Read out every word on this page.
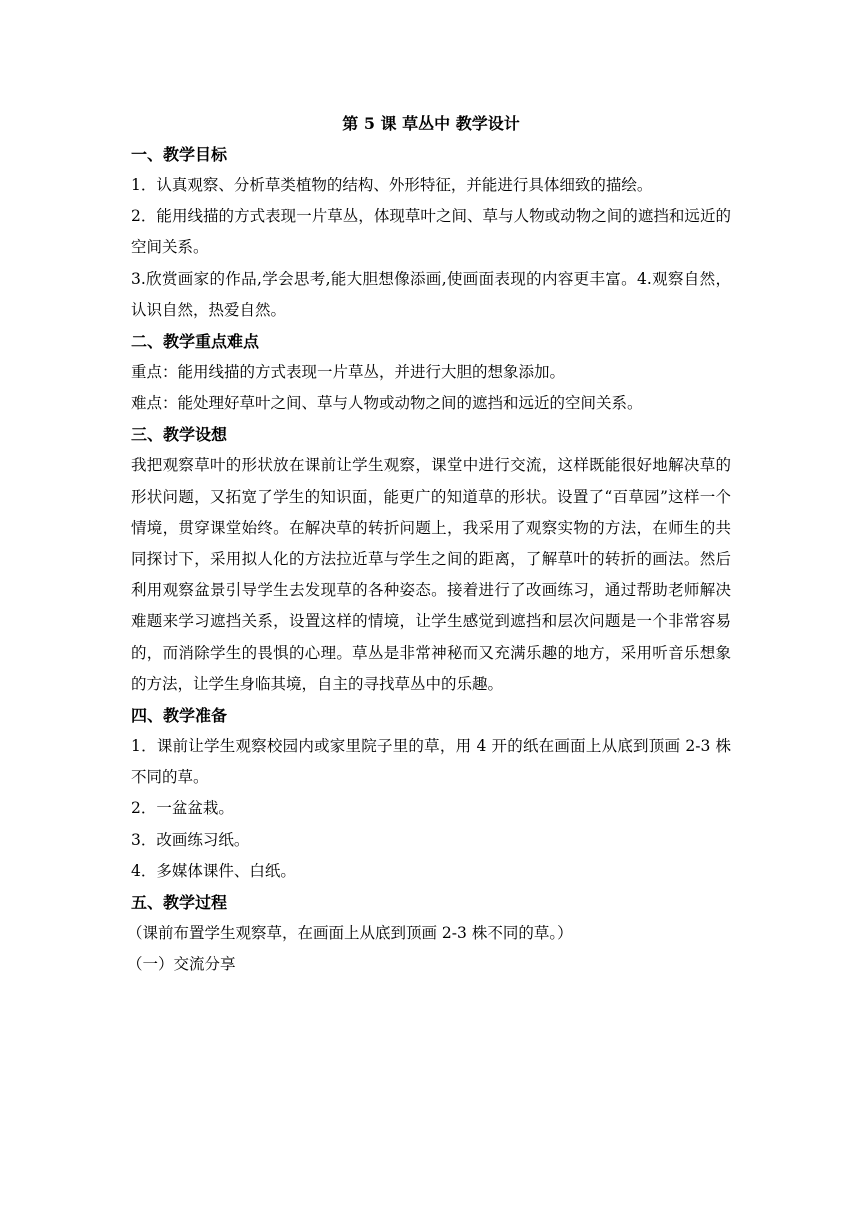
第 5 课 草丛中 教学设计

一、教学目标

1．认真观察、分析草类植物的结构、外形特征，并能进行具体细致的描绘。

2．能用线描的方式表现一片草丛，体现草叶之间、草与人物或动物之间的遮挡和远近的空间关系。

3.欣赏画家的作品,学会思考,能大胆想像添画,使画面表现的内容更丰富。4.观察自然，认识自然，热爱自然。

二、教学重点难点

重点：能用线描的方式表现一片草丛，并进行大胆的想象添加。

难点：能处理好草叶之间、草与人物或动物之间的遮挡和远近的空间关系。

三、教学设想

我把观察草叶的形状放在课前让学生观察，课堂中进行交流，这样既能很好地解决草的形状问题，又拓宽了学生的知识面，能更广的知道草的形状。设置了“百草园”这样一个情境，贯穿课堂始终。在解决草的转折问题上，我采用了观察实物的方法，在师生的共同探讨下，采用拟人化的方法拉近草与学生之间的距离，了解草叶的转折的画法。然后利用观察盆景引导学生去发现草的各种姿态。接着进行了改画练习，通过帮助老师解决难题来学习遮挡关系，设置这样的情境，让学生感觉到遮挡和层次问题是一个非常容易的，而消除学生的畏惧的心理。草丛是非常神秘而又充满乐趣的地方，采用听音乐想象的方法，让学生身临其境，自主的寻找草丛中的乐趣。

四、教学准备

1．课前让学生观察校园内或家里院子里的草，用 4 开的纸在画面上从底到顶画 2-3 株不同的草。

2．一盆盆栽。

3．改画练习纸。

4．多媒体课件、白纸。

五、教学过程

（课前布置学生观察草，在画面上从底到顶画 2-3 株不同的草。）

（一）交流分享
